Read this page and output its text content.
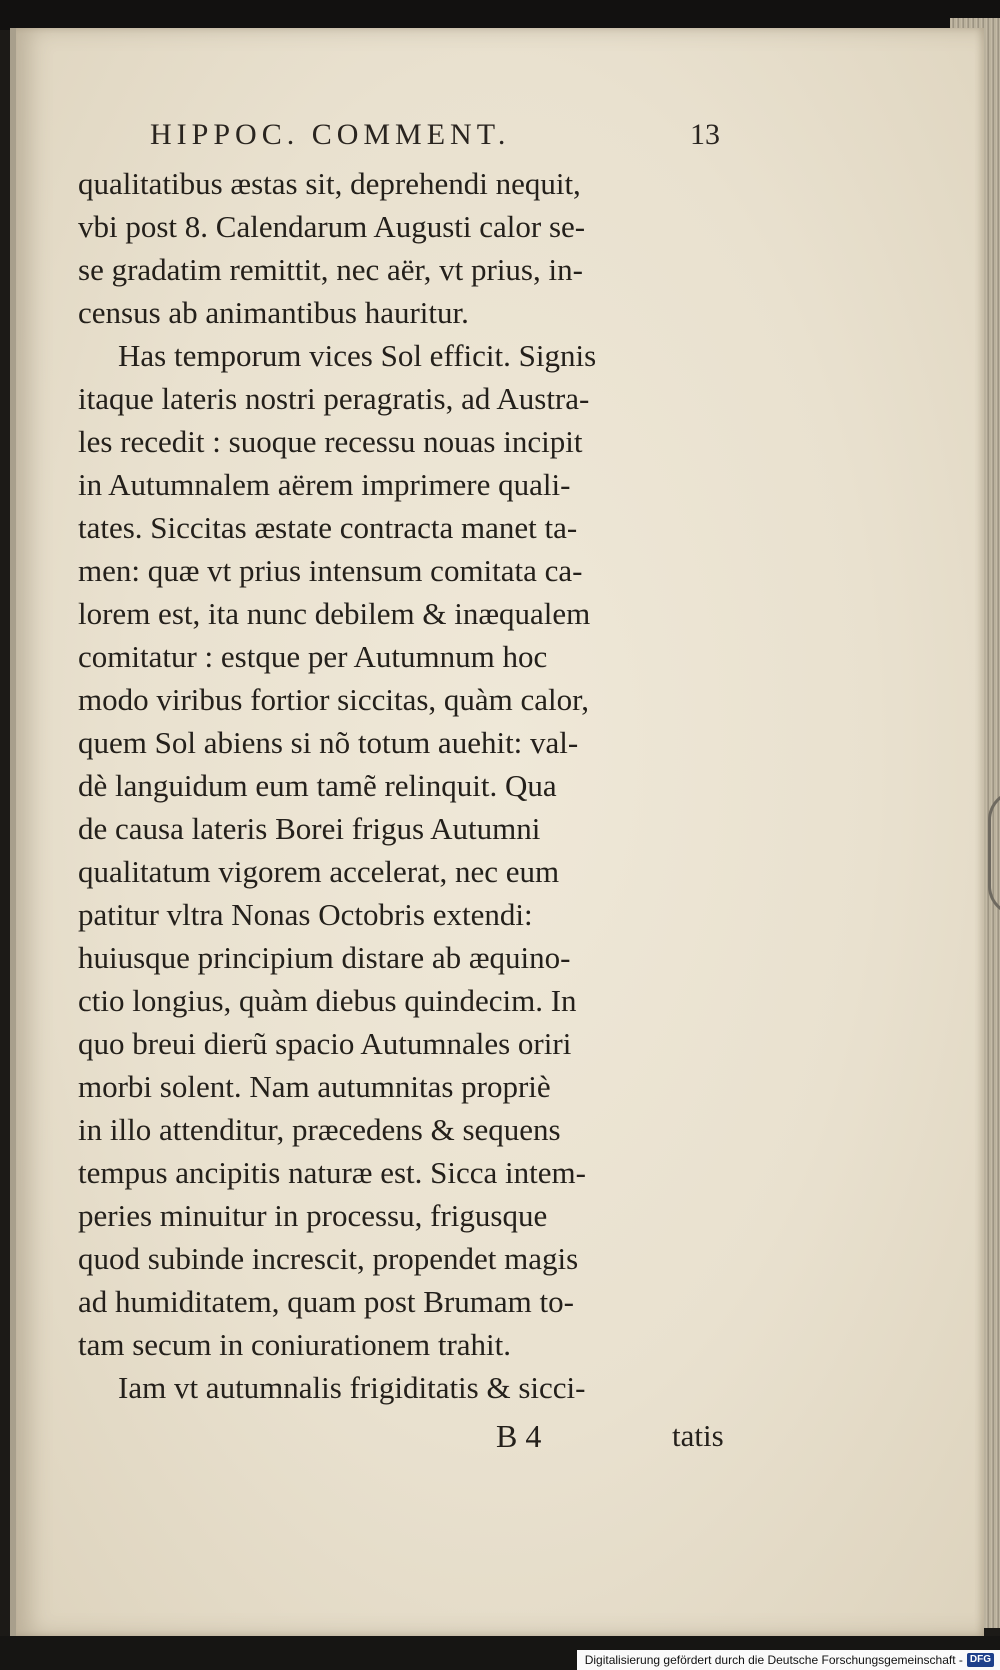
HIPPOC. COMMENT.	13
qualitatibus æstas sit, deprehendi nequit,
vbi post 8. Calendarum Augusti calor se-
se gradatim remittit, nec aër, vt prius, in-
census ab animantibus hauritur.
Has temporum vices Sol efficit. Signis
itaque lateris nostri peragratis, ad Austra-
les recedit : suoque recessu nouas incipit
in Autumnalem aërem imprimere quali-
tates. Siccitas æstate contracta manet ta-
men: quæ vt prius intensum comitata ca-
lorem est, ita nunc debilem & inæqualem
comitatur : estque per Autumnum hoc
modo viribus fortior siccitas, quàm calor,
quem Sol abiens si nõ totum auehit: val-
dè languidum eum tamẽ relinquit. Qua
de causa lateris Borei frigus Autumni
qualitatum vigorem accelerat, nec eum
patitur vltra Nonas Octobris extendi:
huiusque principium distare ab æquino-
ctio longius, quàm diebus quindecim. In
quo breui dierũ spacio Autumnales oriri
morbi solent. Nam autumnitas propriè
in illo attenditur, præcedens & sequens
tempus ancipitis naturæ est. Sicca intem-
peries minuitur in processu, frigusque
quod subinde increscit, propendet magis
ad humiditatem, quam post Brumam to-
tam secum in coniurationem trahit.
Iam vt autumnalis frigiditatis & sicci-
B 4	tatis
Digitalisierung gefördert durch die Deutsche Forschungsgemeinschaft - DFG
